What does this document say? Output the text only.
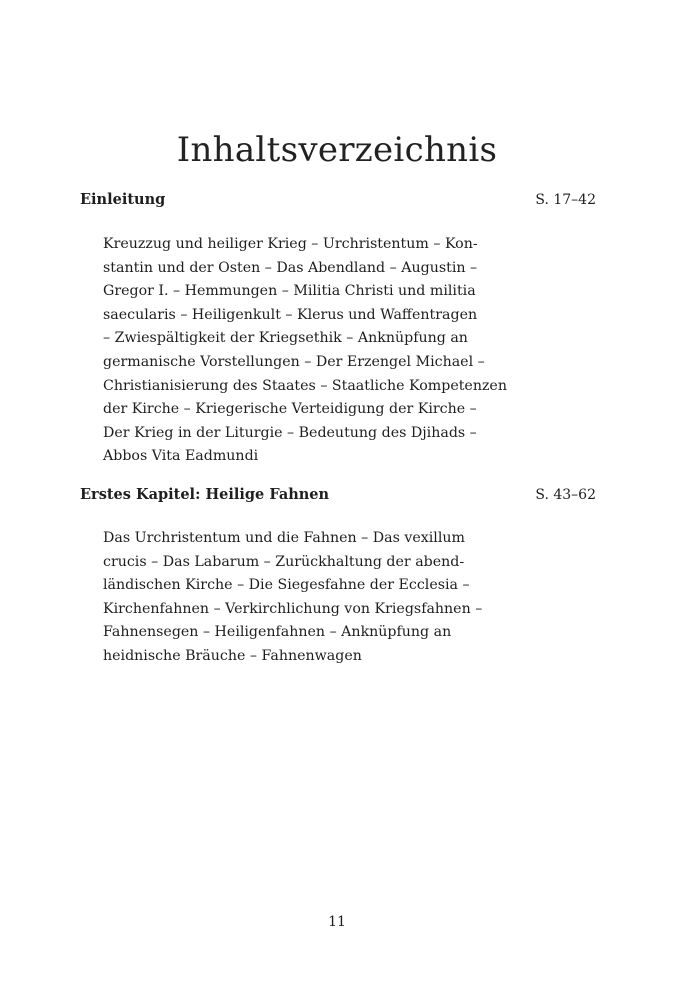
Inhaltsverzeichnis
Einleitung	S. 17–42
Kreuzzug und heiliger Krieg – Urchristentum – Kon-
stantin und der Osten – Das Abendland – Augustin –
Gregor I. – Hemmungen – Militia Christi und militia
saecularis – Heiligenkult – Klerus und Waffentragen
– Zwiespältigkeit der Kriegsethik – Anknüpfung an
germanische Vorstellungen – Der Erzengel Michael –
Christianisierung des Staates – Staatliche Kompetenzen
der Kirche – Kriegerische Verteidigung der Kirche –
Der Krieg in der Liturgie – Bedeutung des Djihads –
Abbos Vita Eadmundi
Erstes Kapitel: Heilige Fahnen	S. 43–62
Das Urchristentum und die Fahnen – Das vexillum
crucis – Das Labarum – Zurückhaltung der abend-
ländischen Kirche – Die Siegesfahne der Ecclesia –
Kirchenfahnen – Verkirchlichung von Kriegsfahnen –
Fahnensegen – Heiligenfahnen – Anknüpfung an
heidnische Bräuche – Fahnenwagen
11
